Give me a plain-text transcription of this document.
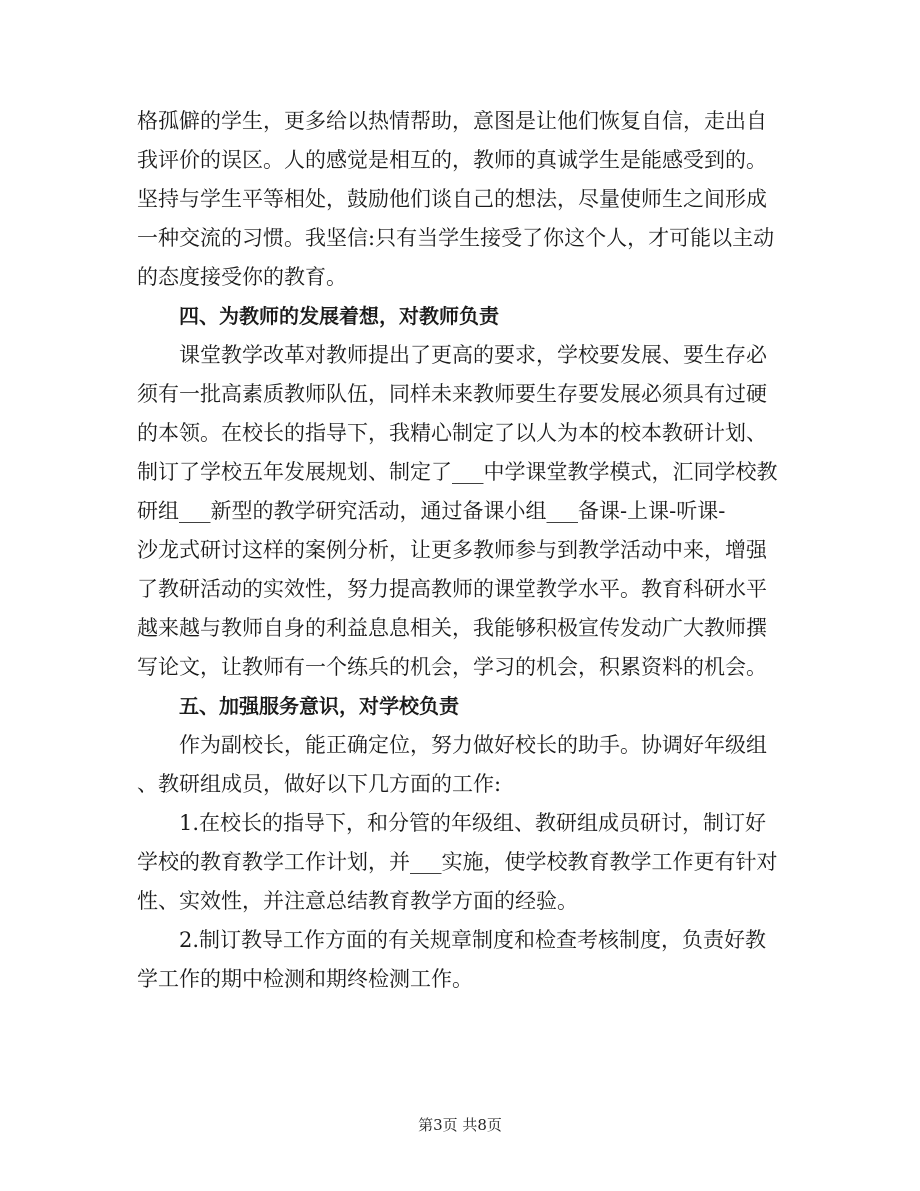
格孤僻的学生，更多给以热情帮助，意图是让他们恢复自信，走出自
我评价的误区。人的感觉是相互的，教师的真诚学生是能感受到的。
坚持与学生平等相处，鼓励他们谈自己的想法，尽量使师生之间形成
一种交流的习惯。我坚信:只有当学生接受了你这个人，才可能以主动
的态度接受你的教育。
四、为教师的发展着想，对教师负责
课堂教学改革对教师提出了更高的要求，学校要发展、要生存必
须有一批高素质教师队伍，同样未来教师要生存要发展必须具有过硬
的本领。在校长的指导下，我精心制定了以人为本的校本教研计划、
制订了学校五年发展规划、制定了___中学课堂教学模式，汇同学校教
研组___新型的教学研究活动，通过备课小组___备课-上课-听课-
沙龙式研讨这样的案例分析，让更多教师参与到教学活动中来，增强
了教研活动的实效性，努力提高教师的课堂教学水平。教育科研水平
越来越与教师自身的利益息息相关，我能够积极宣传发动广大教师撰
写论文，让教师有一个练兵的机会，学习的机会，积累资料的机会。
五、加强服务意识，对学校负责
作为副校长，能正确定位，努力做好校长的助手。协调好年级组
、教研组成员，做好以下几方面的工作:
1.在校长的指导下，和分管的年级组、教研组成员研讨，制订好
学校的教育教学工作计划，并___实施，使学校教育教学工作更有针对
性、实效性，并注意总结教育教学方面的经验。
2.制订教导工作方面的有关规章制度和检查考核制度，负责好教
学工作的期中检测和期终检测工作。
第3页 共8页
